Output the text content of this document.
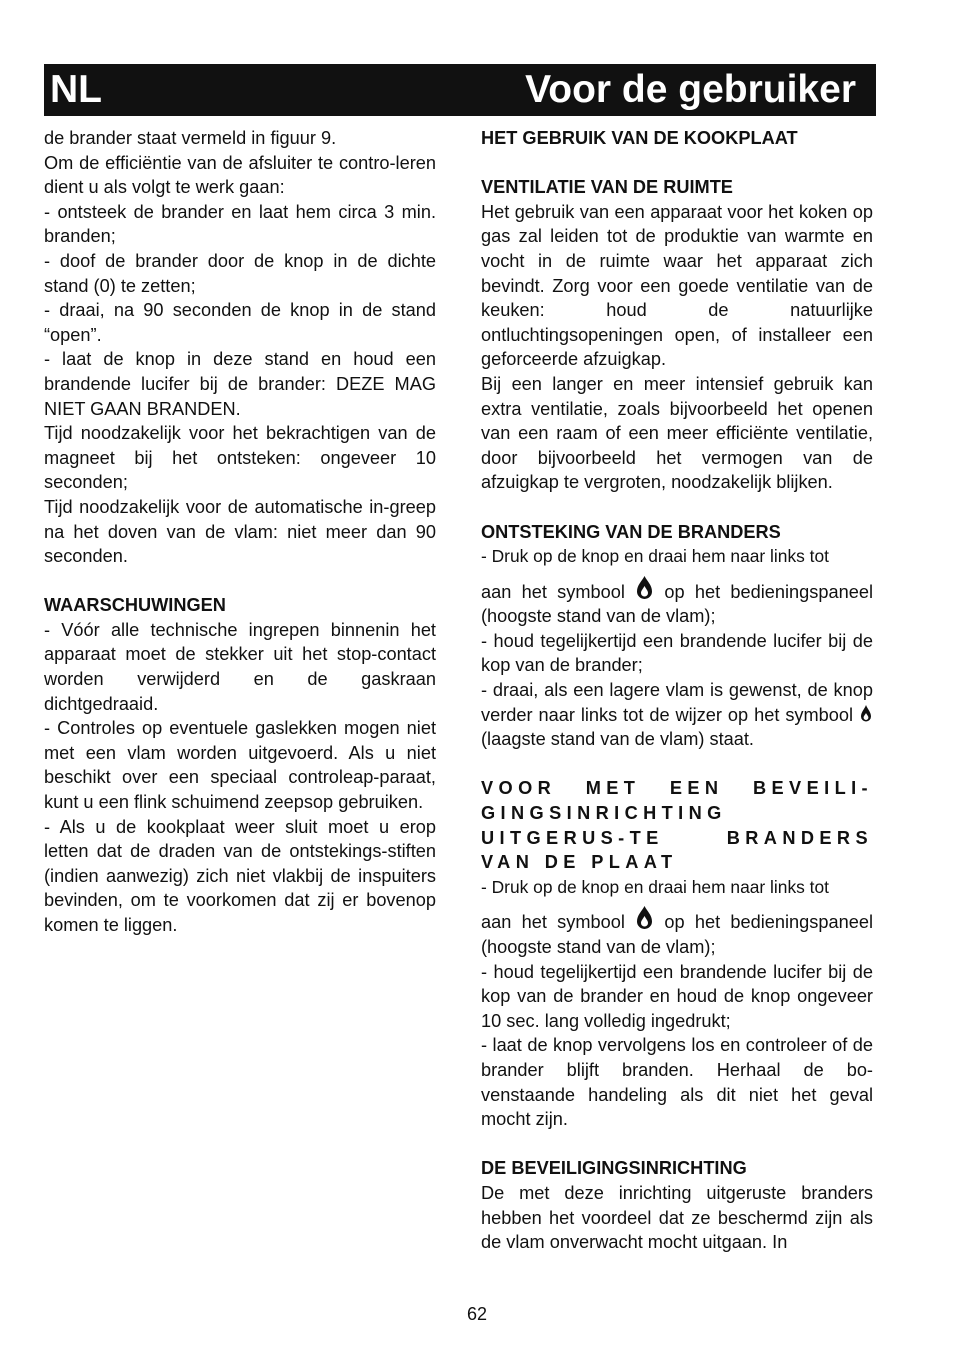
NL	Voor de gebruiker

de brander staat vermeld in figuur 9.

Om de efficiëntie van de afsluiter te contro-leren dient u als volgt te werk gaan:

- ontsteek de brander en laat hem circa 3 min. branden;

- doof de brander door de knop in de dichte stand (0) te zetten;

- draai, na 90 seconden de knop in de stand “open”.

- laat de knop in deze stand en houd een brandende lucifer bij de brander: DEZE MAG NIET GAAN BRANDEN.

Tijd noodzakelijk voor het bekrachtigen van de magneet bij het ontsteken: ongeveer 10 seconden;

Tijd noodzakelijk voor de automatische in-greep na het doven van de vlam: niet meer dan 90 seconden.

WAARSCHUWINGEN

- Vóór alle technische ingrepen binnenin het apparaat moet de stekker uit het stop-contact worden verwijderd en de gaskraan dichtgedraaid.

- Controles op eventuele gaslekken mogen niet met een vlam worden uitgevoerd. Als u niet beschikt over een speciaal controleap-paraat, kunt u een flink schuimend zeepsop gebruiken.

- Als u de kookplaat weer sluit moet u erop letten dat de draden van de ontstekings-stiften (indien aanwezig) zich niet vlakbij de inspuiters bevinden, om te voorkomen dat zij er bovenop komen te liggen.

HET GEBRUIK VAN DE KOOKPLAAT
VENTILATIE VAN DE RUIMTE

Het gebruik van een apparaat voor het koken op gas zal leiden tot de produktie van warmte en vocht in de ruimte waar het apparaat zich bevindt. Zorg voor een goede ventilatie van de keuken: houd de natuurlijke ontluchtingsopeningen open, of installeer een geforceerde afzuigkap.

Bij een langer en meer intensief gebruik kan extra ventilatie, zoals bijvoorbeeld het openen van een raam of een meer efficiënte ventilatie, door bijvoorbeeld het vermogen van de afzuigkap te vergroten, noodzakelijk blijken.

ONTSTEKING VAN DE BRANDERS

- Druk op de knop en draai hem naar links tot

aan het symbool op het bedieningspaneel (hoogste stand van de vlam);

- houd tegelijkertijd een brandende lucifer bij de kop van de brander;

- draai, als een lagere vlam is gewenst, de knop verder naar links tot de wijzer op het symbool  (laagste stand van de vlam) staat.

VOOR MET EEN BEVEILI-GINGSINRICHTING UITGERUS-TE BRANDERS VAN DE PLAAT

- Druk op de knop en draai hem naar links tot

aan het symbool op het bedieningspaneel (hoogste stand van de vlam);

- houd tegelijkertijd een brandende lucifer bij de kop van de brander en houd de knop ongeveer 10 sec. lang volledig ingedrukt;

- laat de knop vervolgens los en controleer of de brander blijft branden. Herhaal de bo-venstaande handeling als dit niet het geval mocht zijn.

DE BEVEILIGINGSINRICHTING

De met deze inrichting uitgeruste branders hebben het voordeel dat ze beschermd zijn als de vlam onverwacht mocht uitgaan. In

62
